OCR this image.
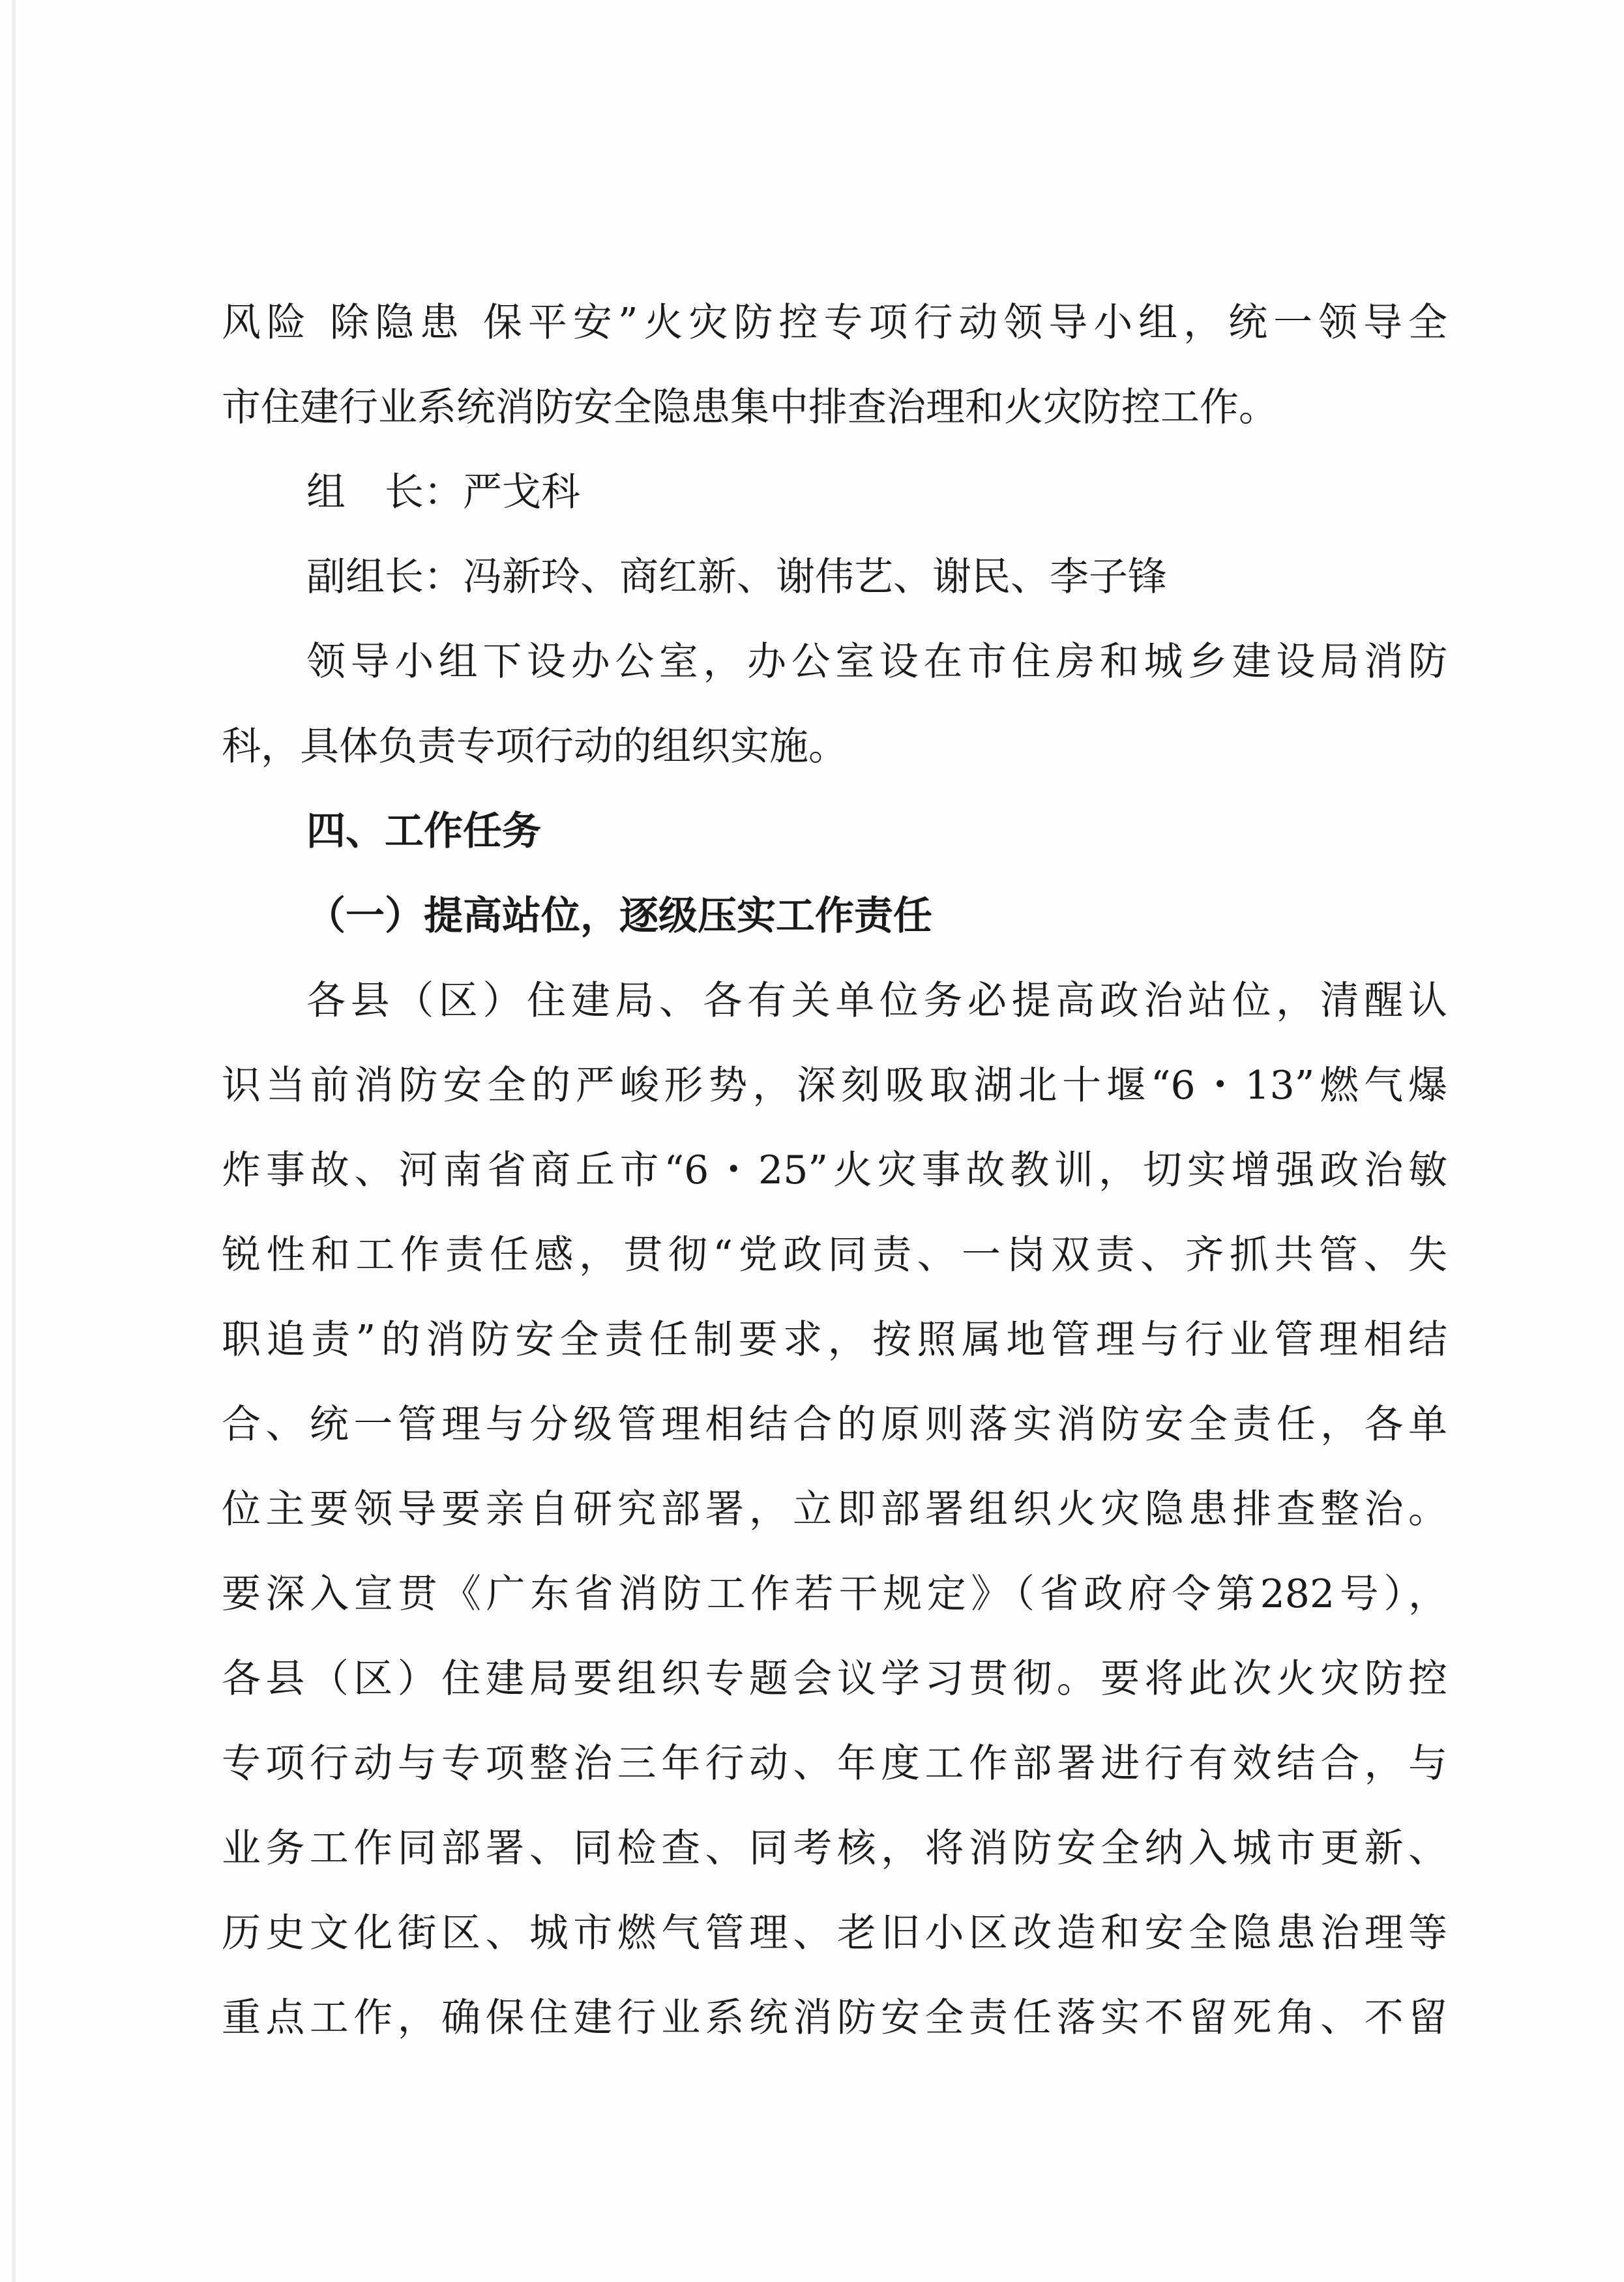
风险 除隐患 保平安”火灾防控专项行动领导小组，统一领导全
市住建行业系统消防安全隐患集中排查治理和火灾防控工作。
组　长：严戈科
副组长：冯新玲、商红新、谢伟艺、谢民、李子锋
领导小组下设办公室，办公室设在市住房和城乡建设局消防
科，具体负责专项行动的组织实施。
四、工作任务
（一）提高站位，逐级压实工作责任
各县（区）住建局、各有关单位务必提高政治站位，清醒认
识当前消防安全的严峻形势，深刻吸取湖北十堰“6・13”燃气爆
炸事故、河南省商丘市“6・25”火灾事故教训，切实增强政治敏
锐性和工作责任感，贯彻“党政同责、一岗双责、齐抓共管、失
职追责”的消防安全责任制要求，按照属地管理与行业管理相结
合、统一管理与分级管理相结合的原则落实消防安全责任，各单
位主要领导要亲自研究部署，立即部署组织火灾隐患排查整治。
要深入宣贯《广东省消防工作若干规定》（省政府令第282号），
各县（区）住建局要组织专题会议学习贯彻。要将此次火灾防控
专项行动与专项整治三年行动、年度工作部署进行有效结合，与
业务工作同部署、同检查、同考核，将消防安全纳入城市更新、
历史文化街区、城市燃气管理、老旧小区改造和安全隐患治理等
重点工作，确保住建行业系统消防安全责任落实不留死角、不留
